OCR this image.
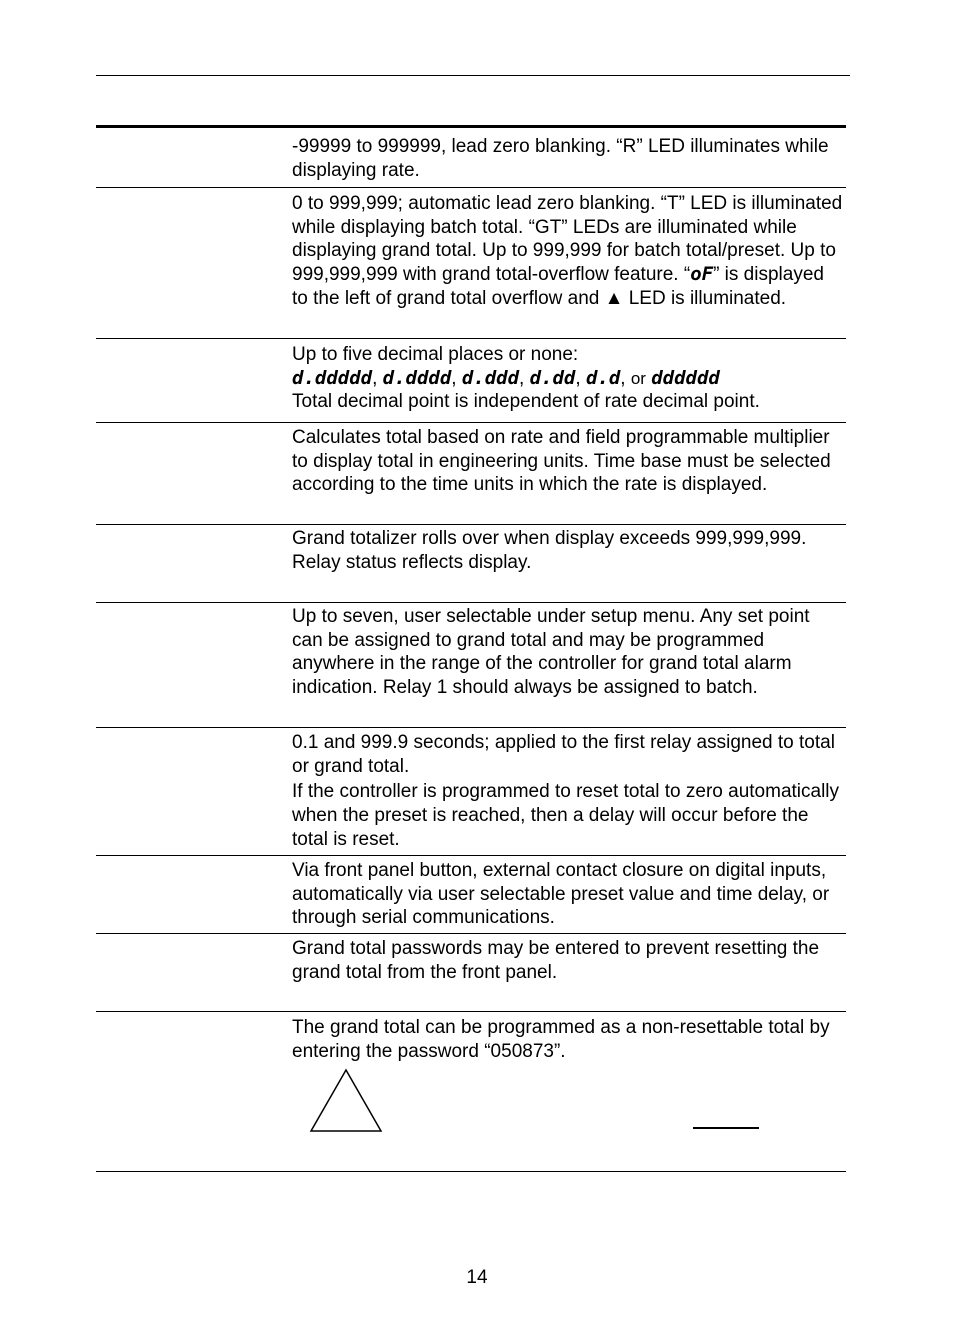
-99999 to 999999, lead zero blanking. “R” LED illuminates while displaying rate.
0 to 999,999; automatic lead zero blanking. “T” LED is illuminated while displaying batch total. “GT” LEDs are illuminated while displaying grand total. Up to 999,999 for batch total/preset. Up to 999,999,999 with grand total-overflow feature. “oF” is displayed to the left of grand total overflow and ▲ LED is illuminated.

Up to five decimal places or none:

d.ddddd, d.dddd, d.ddd, d.dd, d.d, or dddddd

Total decimal point is independent of rate decimal point.

Calculates total based on rate and field programmable multiplier to display total in engineering units. Time base must be selected according to the time units in which the rate is displayed.
Grand totalizer rolls over when display exceeds 999,999,999. Relay status reflects display.
Up to seven, user selectable under setup menu. Any set point can be assigned to grand total and may be programmed anywhere in the range of the controller for grand total alarm indication. Relay 1 should always be assigned to batch.

0.1 and 999.9 seconds; applied to the first relay assigned to total or grand total.

If the controller is programmed to reset total to zero automatically when the preset is reached, then a delay will occur before the total is reset.

Via front panel button, external contact closure on digital inputs, automatically via user selectable preset value and time delay, or through serial communications.
Grand total passwords may be entered to prevent resetting the grand total from the front panel.
The grand total can be programmed as a non-resettable total by entering the password “050873”.
14
